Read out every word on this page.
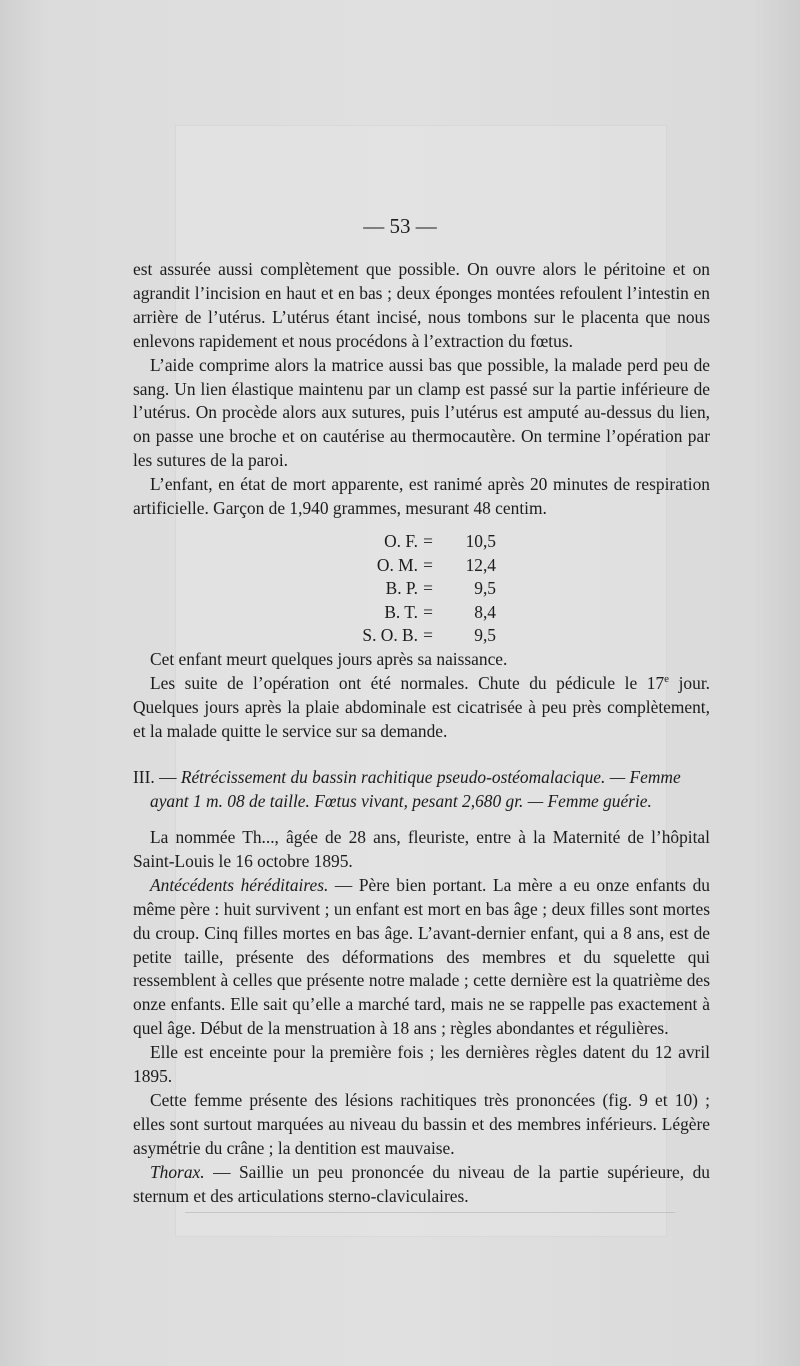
— 53 —

est assurée aussi complètement que possible. On ouvre alors le péritoine et on agrandit l’incision en haut et en bas ; deux éponges montées refoulent l’intestin en arrière de l’utérus. L’utérus étant incisé, nous tombons sur le placenta que nous enlevons rapidement et nous procédons à l’extraction du fœtus.

L’aide comprime alors la matrice aussi bas que possible, la malade perd peu de sang. Un lien élastique maintenu par un clamp est passé sur la partie inférieure de l’utérus. On procède alors aux sutures, puis l’utérus est amputé au-dessus du lien, on passe une broche et on cautérise au thermocautère. On termine l’opération par les sutures de la paroi.

L’enfant, en état de mort apparente, est ranimé après 20 minutes de respiration artificielle. Garçon de 1,940 grammes, mesurant 48 centim.

O. F.	=	10,5
O. M.	=	12,4
B. P.	=	9,5
B. T.	=	8,4
S. O. B.	=	9,5

Cet enfant meurt quelques jours après sa naissance.

Les suite de l’opération ont été normales. Chute du pédicule le 17e jour. Quelques jours après la plaie abdominale est cicatrisée à peu près complètement, et la malade quitte le service sur sa demande.

III. — Rétrécissement du bassin rachitique pseudo-ostéomalacique. — Femme
ayant 1 m. 08 de taille. Fœtus vivant, pesant 2,680 gr. — Femme guérie.

La nommée Th..., âgée de 28 ans, fleuriste, entre à la Maternité de l’hôpital Saint-Louis le 16 octobre 1895.

Antécédents héréditaires. — Père bien portant. La mère a eu onze enfants du même père : huit survivent ; un enfant est mort en bas âge ; deux filles sont mortes du croup. Cinq filles mortes en bas âge. L’avant-dernier enfant, qui a 8 ans, est de petite taille, présente des déformations des membres et du squelette qui ressemblent à celles que présente notre malade ; cette dernière est la quatrième des onze enfants. Elle sait qu’elle a marché tard, mais ne se rappelle pas exactement à quel âge. Début de la menstruation à 18 ans ; règles abondantes et régulières.

Elle est enceinte pour la première fois ; les dernières règles datent du 12 avril 1895.

Cette femme présente des lésions rachitiques très prononcées (fig. 9 et 10) ; elles sont surtout marquées au niveau du bassin et des membres inférieurs. Légère asymétrie du crâne ; la dentition est mauvaise.

Thorax. — Saillie un peu prononcée du niveau de la partie supérieure, du sternum et des articulations sterno-claviculaires.
